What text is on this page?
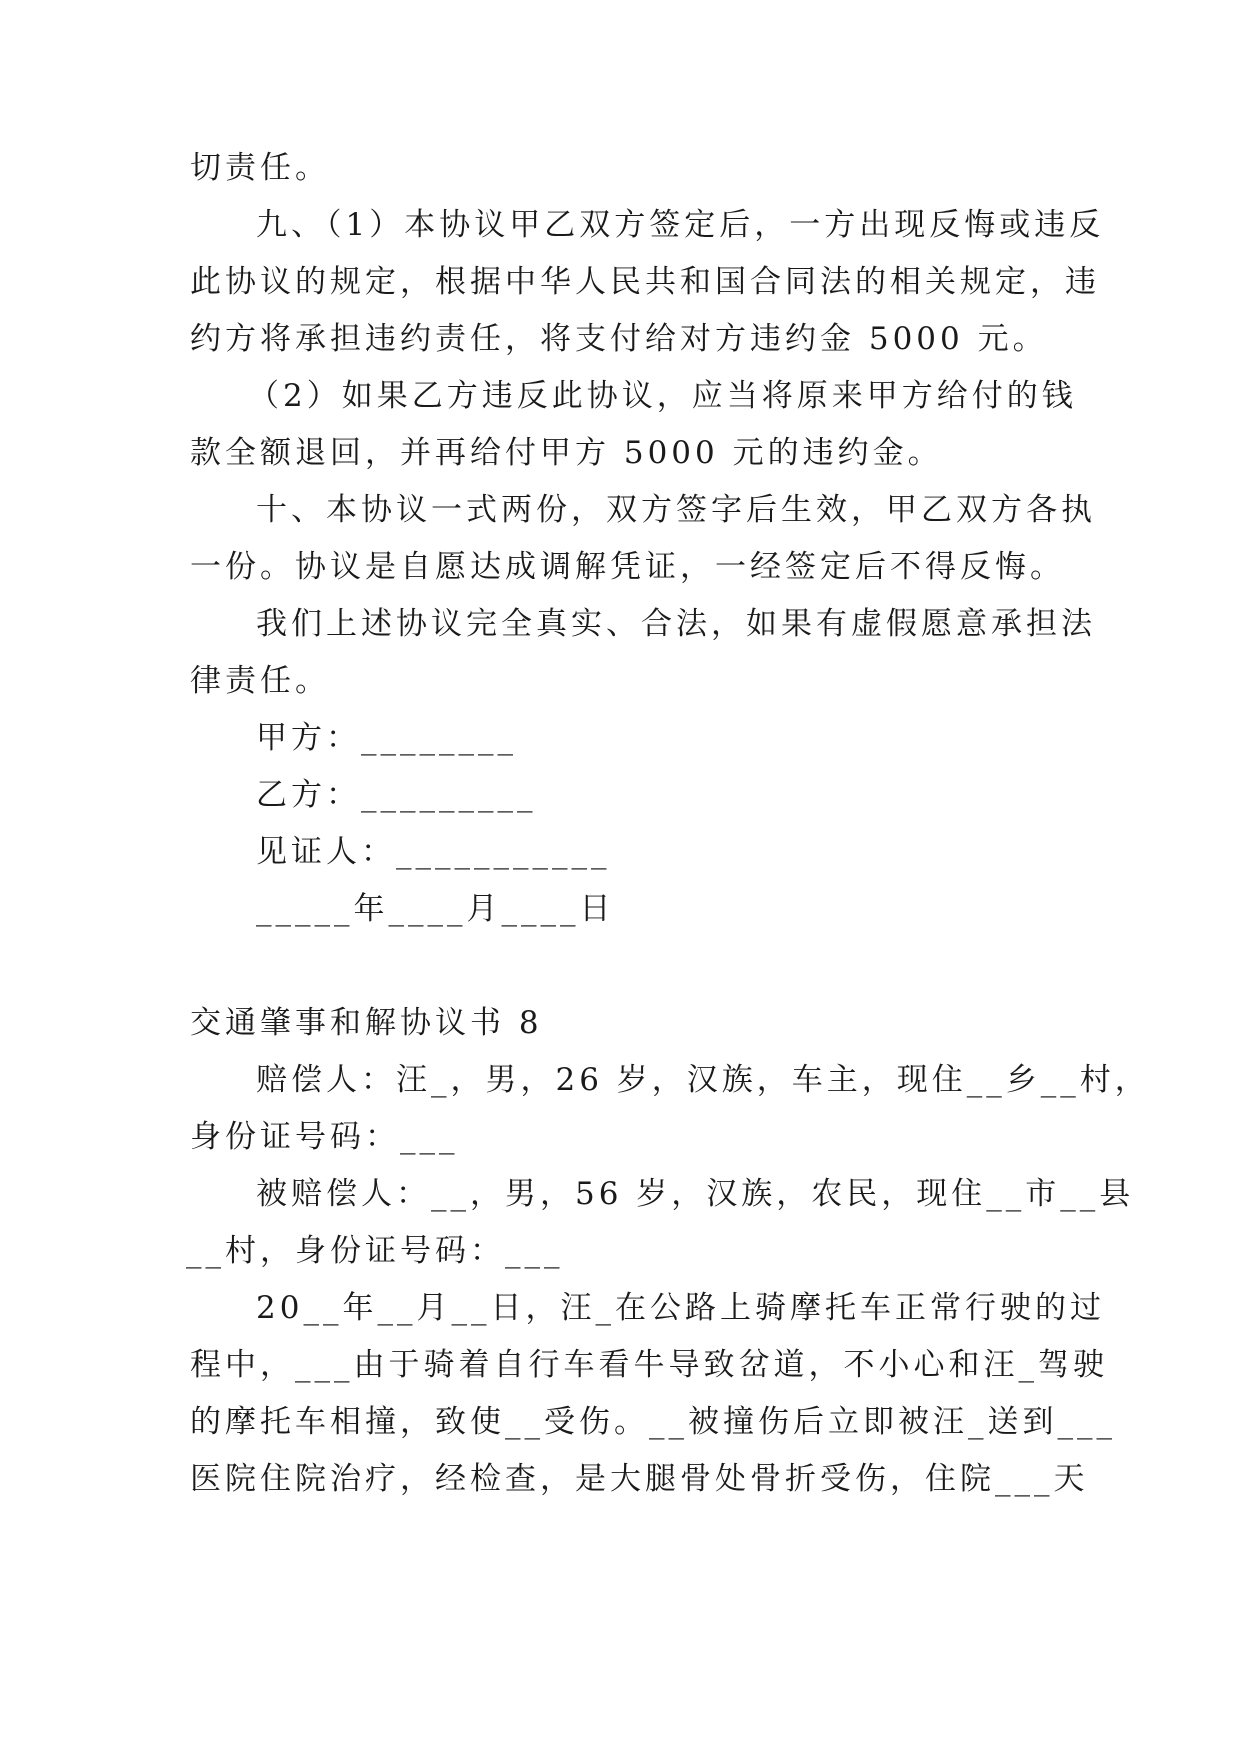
切责任。
九、（1）本协议甲乙双方签定后，一方出现反悔或违反
此协议的规定，根据中华人民共和国合同法的相关规定，违
约方将承担违约责任，将支付给对方违约金 5000 元。
（2）如果乙方违反此协议，应当将原来甲方给付的钱
款全额退回，并再给付甲方 5000 元的违约金。
十、本协议一式两份，双方签字后生效，甲乙双方各执
一份。协议是自愿达成调解凭证，一经签定后不得反悔。
我们上述协议完全真实、合法，如果有虚假愿意承担法
律责任。
甲方：________
乙方：_________
见证人：___________
_____年____月____日
交通肇事和解协议书 8
赔偿人：汪_，男，26 岁，汉族，车主，现住__乡__村，
身份证号码：___
被赔偿人：__，男，56 岁，汉族，农民，现住__市__县
__村，身份证号码：___
20__年__月__日，汪_在公路上骑摩托车正常行驶的过
程中，___由于骑着自行车看牛导致岔道，不小心和汪_驾驶
的摩托车相撞，致使__受伤。__被撞伤后立即被汪_送到___
医院住院治疗，经检查，是大腿骨处骨折受伤，住院___天
